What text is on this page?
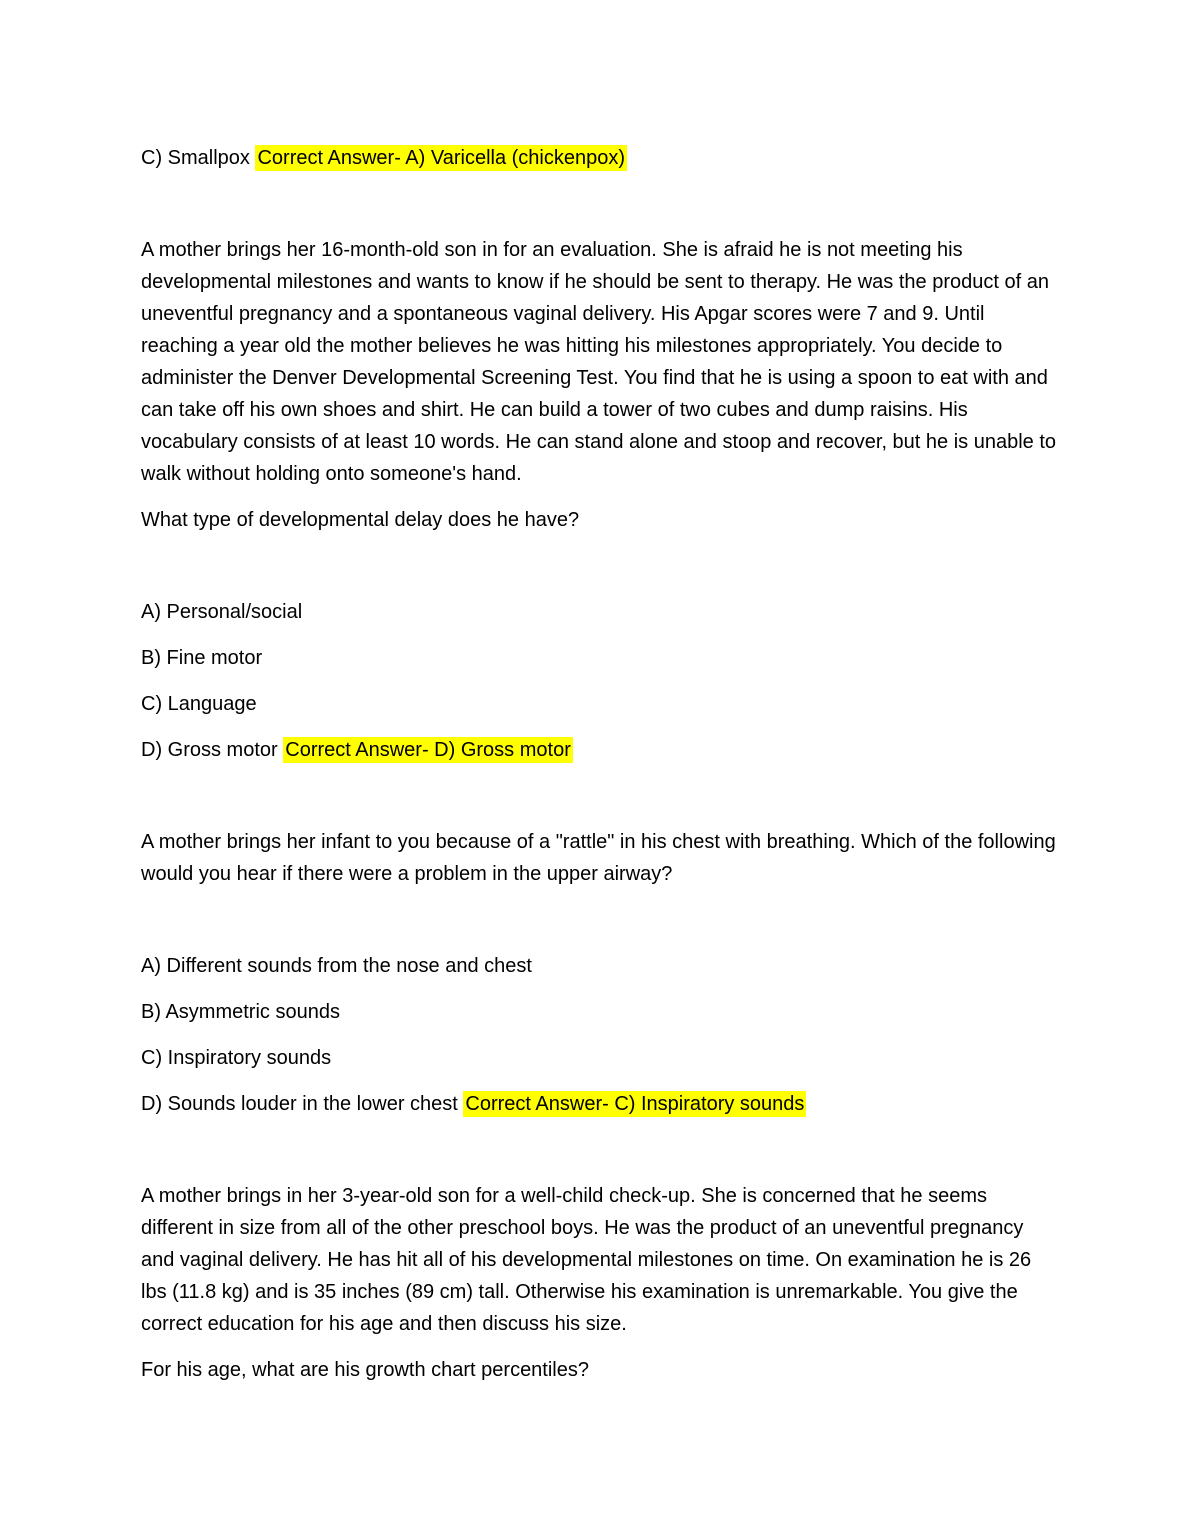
C) Smallpox Correct Answer- A) Varicella (chickenpox)

A mother brings her 16-month-old son in for an evaluation. She is afraid he is not meeting his developmental milestones and wants to know if he should be sent to therapy. He was the product of an uneventful pregnancy and a spontaneous vaginal delivery. His Apgar scores were 7 and 9. Until reaching a year old the mother believes he was hitting his milestones appropriately. You decide to administer the Denver Developmental Screening Test. You find that he is using a spoon to eat with and can take off his own shoes and shirt. He can build a tower of two cubes and dump raisins. His vocabulary consists of at least 10 words. He can stand alone and stoop and recover, but he is unable to walk without holding onto someone's hand.

What type of developmental delay does he have?

A) Personal/social

B) Fine motor

C) Language

D) Gross motor Correct Answer- D) Gross motor

A mother brings her infant to you because of a "rattle" in his chest with breathing. Which of the following would you hear if there were a problem in the upper airway?

A) Different sounds from the nose and chest

B) Asymmetric sounds

C) Inspiratory sounds

D) Sounds louder in the lower chest Correct Answer- C) Inspiratory sounds

A mother brings in her 3-year-old son for a well-child check-up. She is concerned that he seems different in size from all of the other preschool boys. He was the product of an uneventful pregnancy and vaginal delivery. He has hit all of his developmental milestones on time. On examination he is 26 lbs (11.8 kg) and is 35 inches (89 cm) tall. Otherwise his examination is unremarkable. You give the correct education for his age and then discuss his size.

For his age, what are his growth chart percentiles?
